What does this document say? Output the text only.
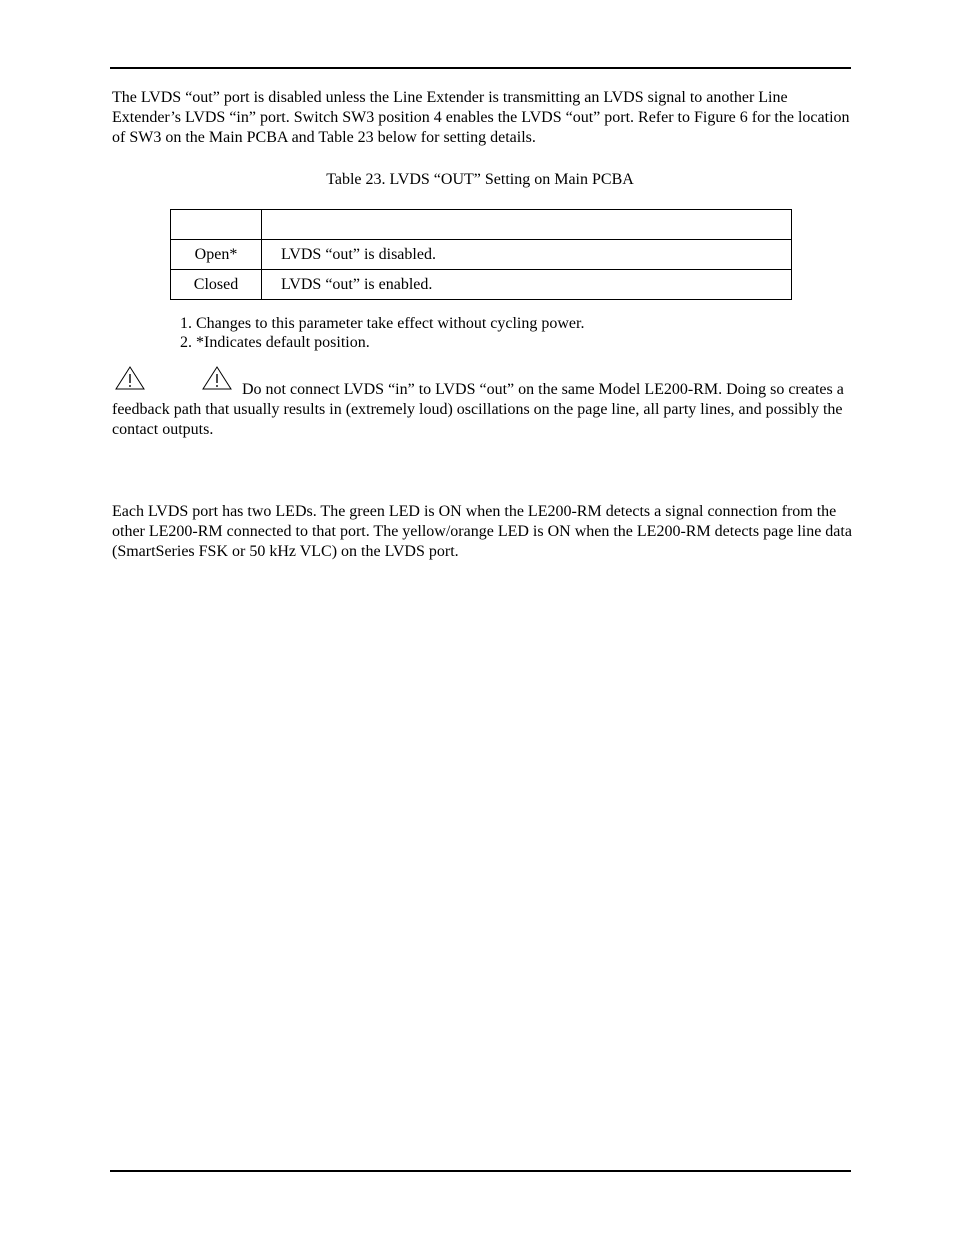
The LVDS “out” port is disabled unless the Line Extender is transmitting an LVDS signal to another Line Extender’s LVDS “in” port. Switch SW3 position 4 enables the LVDS “out” port. Refer to Figure 6 for the location of SW3 on the Main PCBA and Table 23 below for setting details.

Table 23. LVDS “OUT” Setting on Main PCBA

Open*	LVDS “out” is disabled.
Closed	LVDS “out” is enabled.
1. Changes to this parameter take effect without cycling power.
2. *Indicates default position.

Do not connect LVDS “in” to LVDS “out” on the same Model LE200-RM. Doing so creates a feedback path that usually results in (extremely loud) oscillations on the page line, all party lines, and possibly the contact outputs.

Each LVDS port has two LEDs. The green LED is ON when the LE200-RM detects a signal connection from the other LE200-RM connected to that port. The yellow/orange LED is ON when the LE200-RM detects page line data (SmartSeries FSK or 50 kHz VLC) on the LVDS port.
